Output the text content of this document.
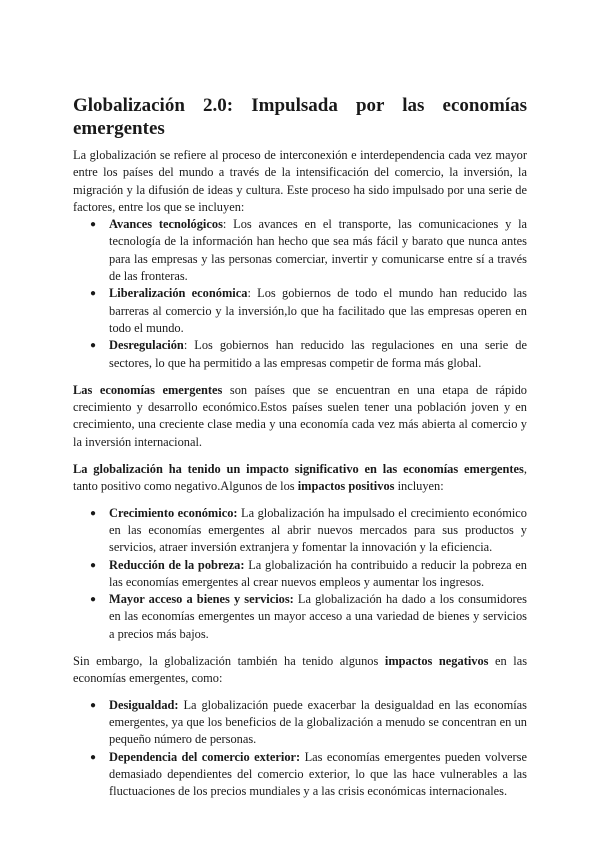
Globalización 2.0: Impulsada por las economías
emergentes

La globalización se refiere al proceso de interconexión e interdependencia cada vez mayor entre los países del mundo a través de la intensificación del comercio, la inversión, la migración y la difusión de ideas y cultura. Este proceso ha sido impulsado por una serie de factores, entre los que se incluyen:

● Avances tecnológicos: Los avances en el transporte, las comunicaciones y la tecnología de la información han hecho que sea más fácil y barato que nunca antes para las empresas y las personas comerciar, invertir y comunicarse entre sí a través de las fronteras.
● Liberalización económica: Los gobiernos de todo el mundo han reducido las barreras al comercio y la inversión,lo que ha facilitado que las empresas operen en todo el mundo.
● Desregulación: Los gobiernos han reducido las regulaciones en una serie de sectores, lo que ha permitido a las empresas competir de forma más global.

Las economías emergentes son países que se encuentran en una etapa de rápido crecimiento y desarrollo económico.Estos países suelen tener una población joven y en crecimiento, una creciente clase media y una economía cada vez más abierta al comercio y la inversión internacional.

La globalización ha tenido un impacto significativo en las economías emergentes, tanto positivo como negativo.Algunos de los impactos positivos incluyen:

● Crecimiento económico: La globalización ha impulsado el crecimiento económico en las economías emergentes al abrir nuevos mercados para sus productos y servicios, atraer inversión extranjera y fomentar la innovación y la eficiencia.
● Reducción de la pobreza: La globalización ha contribuido a reducir la pobreza en las economías emergentes al crear nuevos empleos y aumentar los ingresos.
● Mayor acceso a bienes y servicios: La globalización ha dado a los consumidores en las economías emergentes un mayor acceso a una variedad de bienes y servicios a precios más bajos.

Sin embargo, la globalización también ha tenido algunos impactos negativos en las economías emergentes, como:

● Desigualdad: La globalización puede exacerbar la desigualdad en las economías emergentes, ya que los beneficios de la globalización a menudo se concentran en un pequeño número de personas.
● Dependencia del comercio exterior: Las economías emergentes pueden volverse demasiado dependientes del comercio exterior, lo que las hace vulnerables a las fluctuaciones de los precios mundiales y a las crisis económicas internacionales.
